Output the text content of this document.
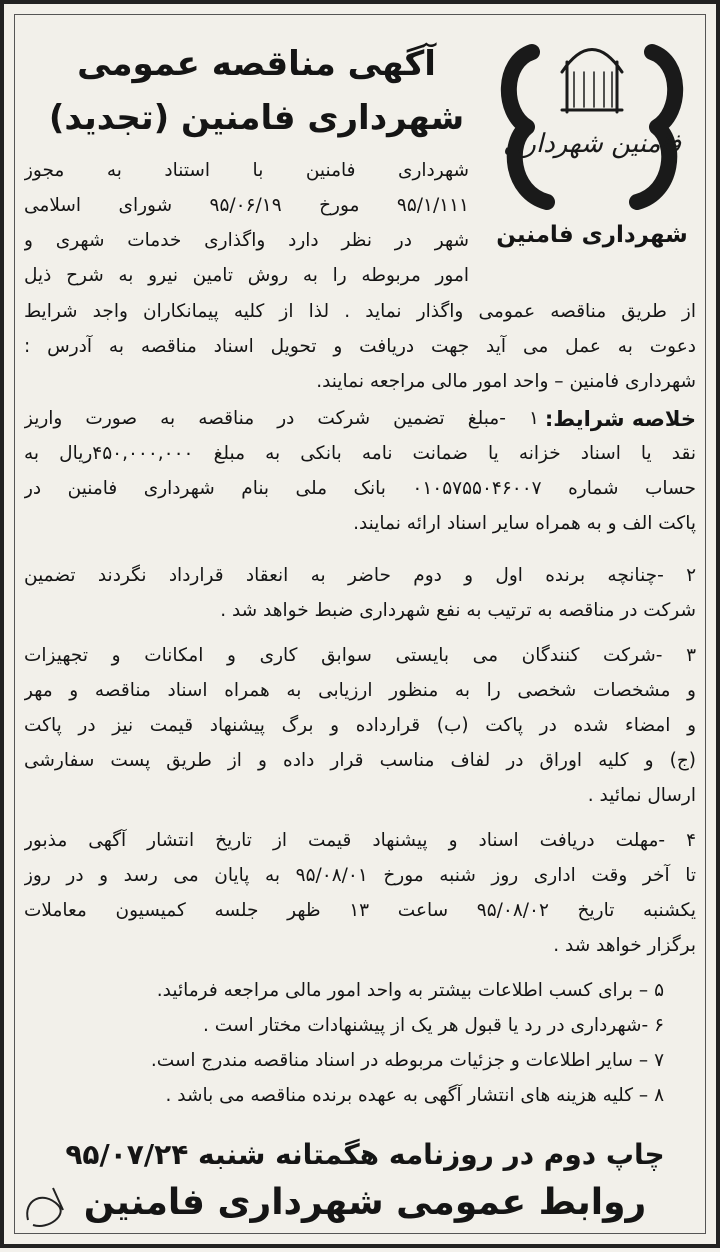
فامنین شهرداری
شهرداری فامنین
آگهی مناقصه عمومی
شهرداری فامنین (تجدید)
شهرداری فامنین با استناد به مجوز
۹۵/۱/۱۱۱ مورخ ۹۵/۰۶/۱۹ شورای اسلامی
شهر در نظر دارد واگذاری خدمات شهری و
امور مربوطه را به روش تامین نیرو به شرح ذیل
از طریق مناقصه عمومی واگذار نماید . لذا از کلیه پیمانکاران واجد شرایط
دعوت به عمل می آید جهت دریافت و تحویل اسناد مناقصه به آدرس :
شهرداری فامنین – واحد امور مالی مراجعه نمایند.
خلاصه شرایط:
۱ -مبلغ تضمین شرکت در مناقصه به صورت واریز
نقد یا اسناد خزانه یا ضمانت نامه بانکی به مبلغ ۴۵۰,۰۰۰,۰۰۰ریال به
حساب شماره ۰۱۰۵۷۵۵۰۴۶۰۰۷ بانک ملی بنام شهرداری فامنین در
پاکت الف و به همراه سایر اسناد ارائه نمایند.
۲ -چنانچه برنده اول و دوم حاضر به انعقاد قرارداد نگردند تضمین
شرکت در مناقصه به ترتیب به نفع شهرداری ضبط خواهد شد .
۳ -شرکت کنندگان می بایستی سوابق کاری و امکانات و تجهیزات
و مشخصات شخصی را به منظور ارزیابی به همراه اسناد مناقصه و مهر
و امضاء شده در پاکت (ب) قرارداده و برگ پیشنهاد قیمت نیز در پاکت
(ج) و کلیه اوراق در لفاف مناسب قرار داده و از طریق پست سفارشی
ارسال نمائید .
۴ -مهلت دریافت اسناد و پیشنهاد قیمت از تاریخ انتشار آگهی مذبور
تا آخر وقت اداری روز شنبه مورخ ۹۵/۰۸/۰۱ به پایان می رسد و در روز
یکشنبه تاریخ ۹۵/۰۸/۰۲ ساعت ۱۳ ظهر جلسه کمیسیون معاملات
برگزار خواهد شد .
۵ – برای کسب اطلاعات بیشتر به واحد امور مالی مراجعه فرمائید.
۶ -شهرداری در رد یا قبول هر یک از پیشنهادات مختار است .
۷ – سایر اطلاعات و جزئیات مربوطه در اسناد مناقصه مندرج است.
۸ – کلیه هزینه های انتشار آگهی به عهده برنده مناقصه می باشد .
چاپ دوم در روزنامه هگمتانه شنبه ۹۵/۰۷/۲۴
روابط عمومی شهرداری فامنین
